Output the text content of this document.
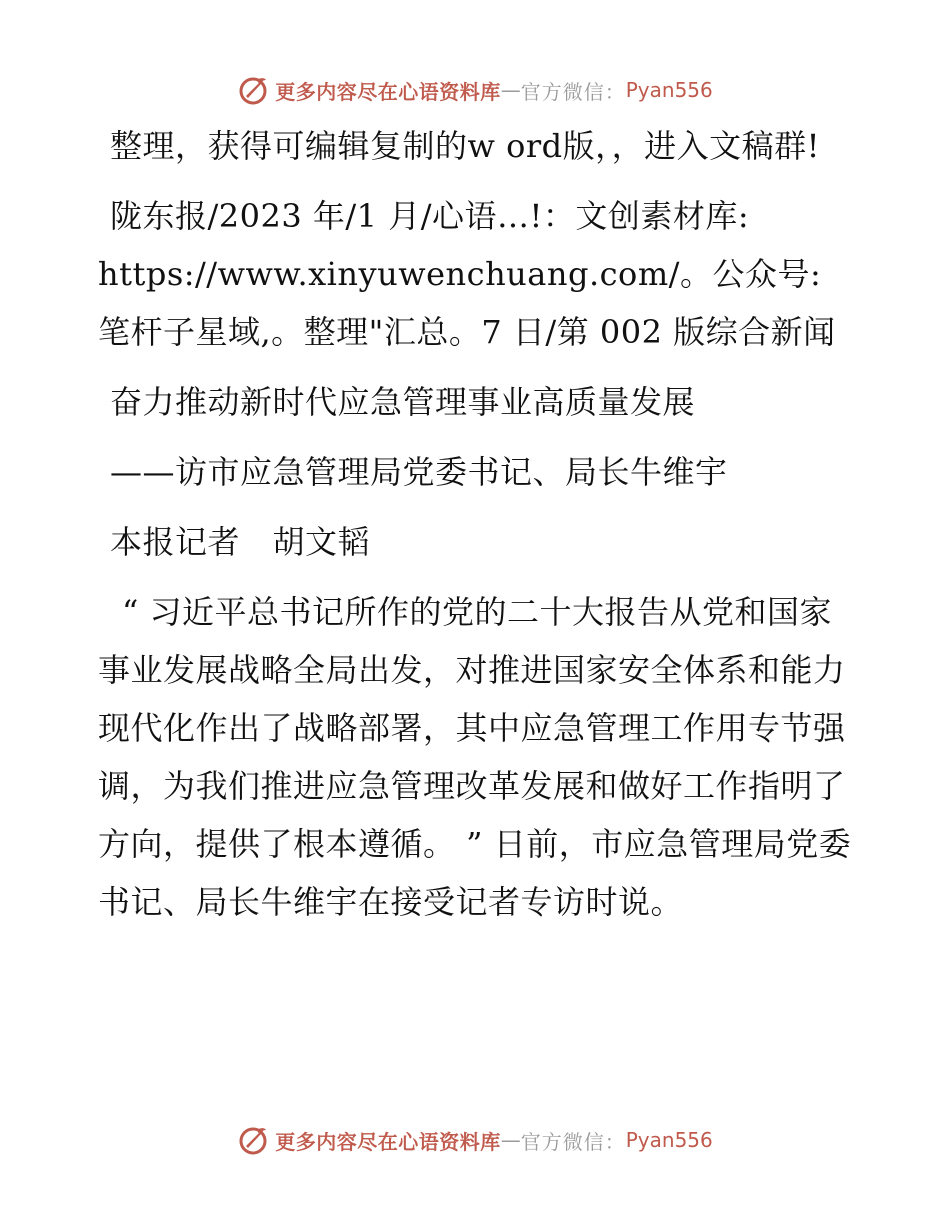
更多内容尽在心语资料库 — 官方微信： Pyan556

整理，获得可编辑复制的w ord版，，进入文稿群!

陇东报/2023 年/1 月/心语…!：文创素材库: https://www.xinyuwenchuang.com/。公众号: 笔杆子星域,。整理"汇总。7 日/第 002 版综合新闻

奋力推动新时代应急管理事业高质量发展

——访市应急管理局党委书记、局长牛维宇

本报记者　胡文韬

“ 习近平总书记所作的党的二十大报告从党和国家事业发展战略全局出发，对推进国家安全体系和能力现代化作出了战略部署，其中应急管理工作用专节强调，为我们推进应急管理改革发展和做好工作指明了方向，提供了根本遵循。 ” 日前，市应急管理局党委书记、局长牛维宇在接受记者专访时说。

更多内容尽在心语资料库 — 官方微信： Pyan556
